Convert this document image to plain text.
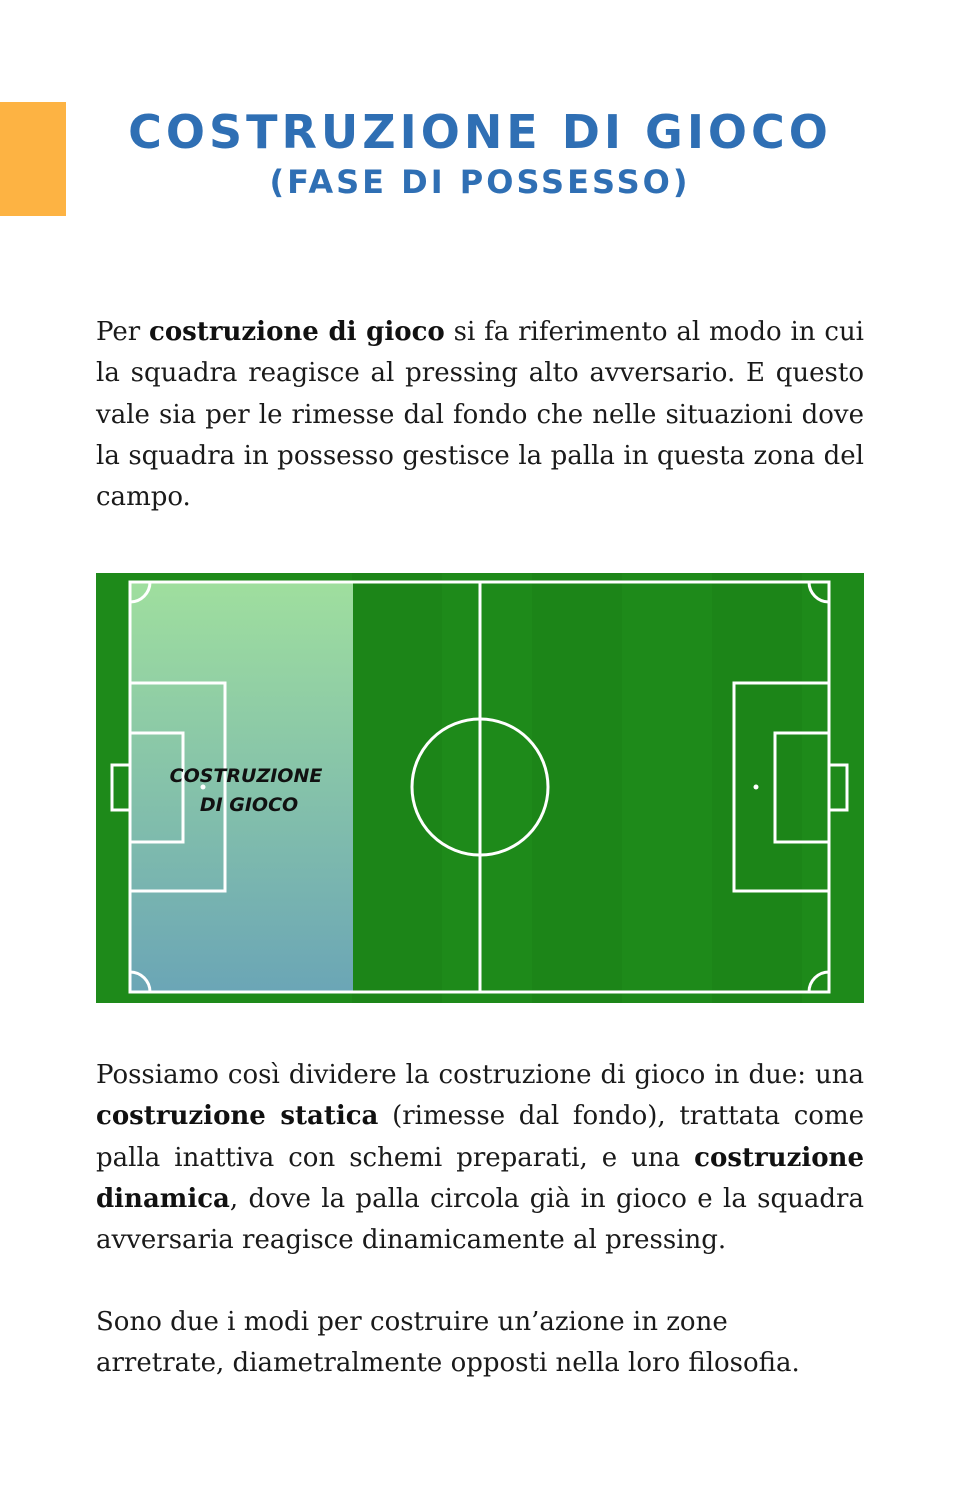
COSTRUZIONE DI GIOCO
(FASE DI POSSESSO)

Per costruzione di gioco si fa riferimento al modo in cui la squadra reagisce al pressing alto avversario. E questo vale sia per le rimesse dal fondo che nelle situazioni dove la squadra in possesso gestisce la palla in questa zona del campo.

COSTRUZIONE
DI GIOCO

Possiamo così dividere la costruzione di gioco in due: una costruzione statica (rimesse dal fondo), trattata come palla inattiva con schemi preparati, e una costruzione dinamica, dove la palla circola già in gioco e la squadra avversaria reagisce dinamicamente al pressing.

Sono due i modi per costruire un’azione in zone arretrate, diametralmente opposti nella loro filosofia.
